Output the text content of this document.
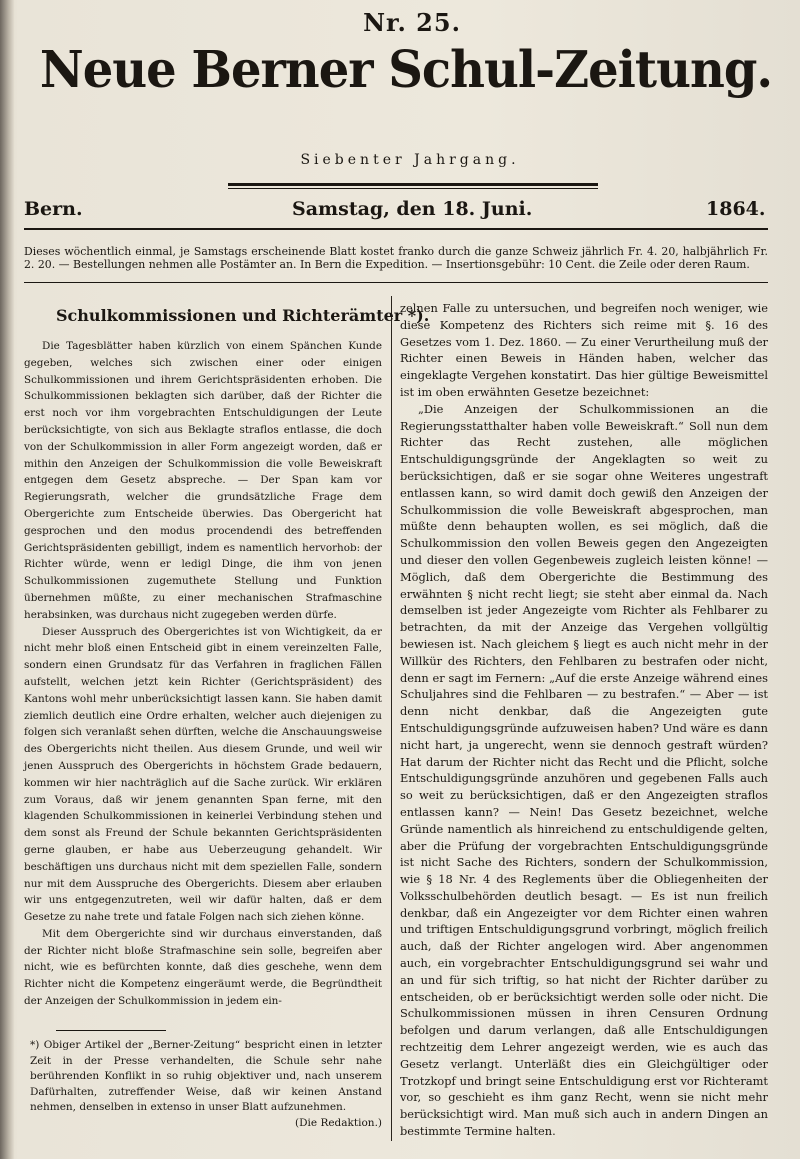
Nr. 25.
Neue Berner Schul-Zeitung.
Siebenter Jahrgang.
Bern.	Samstag, den 18. Juni.	1864.
Dieses wöchentlich einmal, je Samstags erscheinende Blatt kostet franko durch die ganze Schweiz jährlich Fr. 4. 20, halbjährlich Fr. 2. 20. — Bestellungen nehmen alle Postämter an. In Bern die Expedition. — Insertionsgebühr: 10 Cent. die Zeile oder deren Raum.
Schulkommissionen und Richterämter *).

Die Tagesblätter haben kürzlich von einem Spänchen Kunde gegeben, welches sich zwischen einer oder einigen Schulkommissionen und ihrem Gerichtspräsidenten erhoben. Die Schulkommissionen beklagten sich darüber, daß der Richter die erst noch vor ihm vorgebrachten Entschuldigungen der Leute berücksichtigte, von sich aus Beklagte straflos entlasse, die doch von der Schulkommission in aller Form angezeigt worden, daß er mithin den Anzeigen der Schulkommission die volle Beweiskraft entgegen dem Gesetz abspreche. — Der Span kam vor Regierungsrath, welcher die grundsätzliche Frage dem Obergerichte zum Entscheide überwies. Das Obergericht hat gesprochen und den modus procendendi des betreffenden Gerichtspräsidenten gebilligt, indem es namentlich hervorhob: der Richter würde, wenn er ledigl Dinge, die ihm von jenen Schulkommissionen zugemuthete Stellung und Funktion übernehmen müßte, zu einer mechanischen Strafmaschine herabsinken, was durchaus nicht zugegeben werden dürfe.

Dieser Ausspruch des Obergerichtes ist von Wichtigkeit, da er nicht mehr bloß einen Entscheid gibt in einem vereinzelten Falle, sondern einen Grundsatz für das Verfahren in fraglichen Fällen aufstellt, welchen jetzt kein Richter (Gerichtspräsident) des Kantons wohl mehr unberücksichtigt lassen kann. Sie haben damit ziemlich deutlich eine Ordre erhalten, welcher auch diejenigen zu folgen sich veranlaßt sehen dürften, welche die Anschauungsweise des Obergerichts nicht theilen. Aus diesem Grunde, und weil wir jenen Ausspruch des Obergerichts in höchstem Grade bedauern, kommen wir hier nachträglich auf die Sache zurück. Wir erklären zum Voraus, daß wir jenem genannten Span ferne, mit den klagenden Schulkommissionen in keinerlei Verbindung stehen und dem sonst als Freund der Schule bekannten Gerichtspräsidenten gerne glauben, er habe aus Ueberzeugung gehandelt. Wir beschäftigen uns durchaus nicht mit dem speziellen Falle, sondern nur mit dem Ausspruche des Obergerichts. Diesem aber erlauben wir uns entgegenzutreten, weil wir dafür halten, daß er dem Gesetze zu nahe trete und fatale Folgen nach sich ziehen könne.

Mit dem Obergerichte sind wir durchaus einverstanden, daß der Richter nicht bloße Strafmaschine sein solle, begreifen aber nicht, wie es befürchten konnte, daß dies geschehe, wenn dem Richter nicht die Kompetenz eingeräumt werde, die Begründtheit der Anzeigen der Schulkommission in jedem ein-

*) Obiger Artikel der „Berner-Zeitung“ bespricht einen in letzter Zeit in der Presse verhandelten, die Schule sehr nahe berührenden Konflikt in so ruhig objektiver und, nach unserem Dafürhalten, zutreffender Weise, daß wir keinen Anstand nehmen, denselben in extenso in unser Blatt aufzunehmen.

(Die Redaktion.)

zelnen Falle zu untersuchen, und begreifen noch weniger, wie diese Kompetenz des Richters sich reime mit §. 16 des Gesetzes vom 1. Dez. 1860. — Zu einer Verurtheilung muß der Richter einen Beweis in Händen haben, welcher das eingeklagte Vergehen konstatirt. Das hier gültige Beweismittel ist im oben erwähnten Gesetze bezeichnet:

„Die Anzeigen der Schulkommissionen an die Regierungsstatthalter haben volle Beweiskraft.“ Soll nun dem Richter das Recht zustehen, alle möglichen Entschuldigungsgründe der Angeklagten so weit zu berücksichtigen, daß er sie sogar ohne Weiteres ungestraft entlassen kann, so wird damit doch gewiß den Anzeigen der Schulkommission die volle Beweiskraft abgesprochen, man müßte denn behaupten wollen, es sei möglich, daß die Schulkommission den vollen Beweis gegen den Angezeigten und dieser den vollen Gegenbeweis zugleich leisten könne! — Möglich, daß dem Obergerichte die Bestimmung des erwähnten § nicht recht liegt; sie steht aber einmal da. Nach demselben ist jeder Angezeigte vom Richter als Fehlbarer zu betrachten, da mit der Anzeige das Vergehen vollgültig bewiesen ist. Nach gleichem § liegt es auch nicht mehr in der Willkür des Richters, den Fehlbaren zu bestrafen oder nicht, denn er sagt im Fernern: „Auf die erste Anzeige während eines Schuljahres sind die Fehlbaren — zu bestrafen.“ — Aber — ist denn nicht denkbar, daß die Angezeigten gute Entschuldigungsgründe aufzuweisen haben? Und wäre es dann nicht hart, ja ungerecht, wenn sie dennoch gestraft würden? Hat darum der Richter nicht das Recht und die Pflicht, solche Entschuldigungsgründe anzuhören und gegebenen Falls auch so weit zu berücksichtigen, daß er den Angezeigten straflos entlassen kann? — Nein! Das Gesetz bezeichnet, welche Gründe namentlich als hinreichend zu entschuldigende gelten, aber die Prüfung der vorgebrachten Entschuldigungsgründe ist nicht Sache des Richters, sondern der Schulkommission, wie § 18 Nr. 4 des Reglements über die Obliegenheiten der Volksschulbehörden deutlich besagt. — Es ist nun freilich denkbar, daß ein Angezeigter vor dem Richter einen wahren und triftigen Entschuldigungsgrund vorbringt, möglich freilich auch, daß der Richter angelogen wird. Aber angenommen auch, ein vorgebrachter Entschuldigungsgrund sei wahr und an und für sich triftig, so hat nicht der Richter darüber zu entscheiden, ob er berücksichtigt werden solle oder nicht. Die Schulkommissionen müssen in ihren Censuren Ordnung befolgen und darum verlangen, daß alle Entschuldigungen rechtzeitig dem Lehrer angezeigt werden, wie es auch das Gesetz verlangt. Unterläßt dies ein Gleichgültiger oder Trotzkopf und bringt seine Entschuldigung erst vor Richteramt vor, so geschieht es ihm ganz Recht, wenn sie nicht mehr berücksichtigt wird. Man muß sich auch in andern Dingen an bestimmte Termine halten.
